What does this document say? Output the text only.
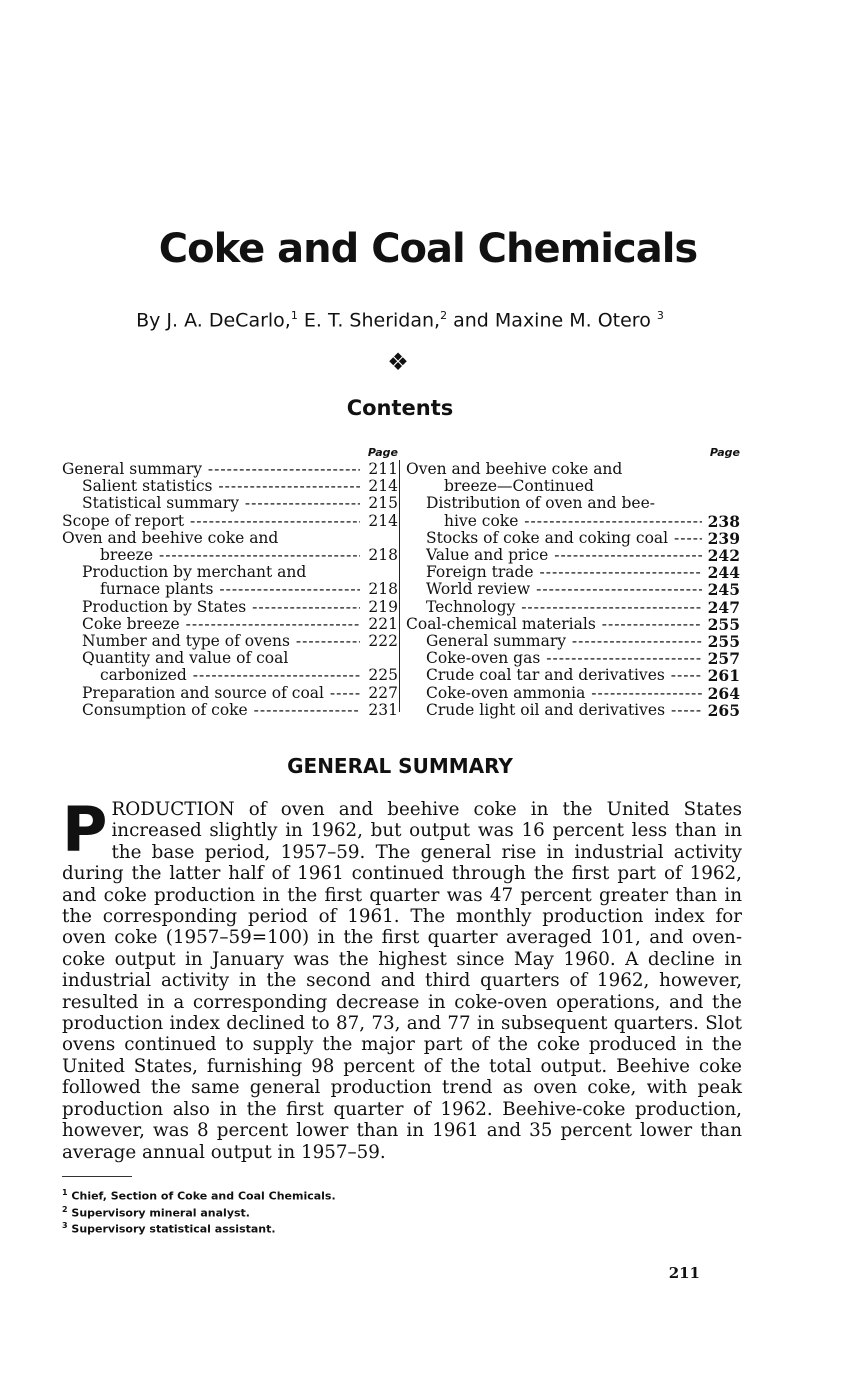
Coke and Coal Chemicals
By J. A. DeCarlo,$^1$ E. T. Sheridan,$^2$ and Maxine M. Otero $^3$
❖
Contents
Page
General summary -----	211
Salient statistics -----	214
Statistical summary -----	215
Scope of report -----	214
Oven and beehive coke and
breeze -----	218
Production by merchant and
furnace plants -----	218
Production by States -----	219
Coke breeze -----	221
Number and type of ovens -----	222
Quantity and value of coal
carbonized -----	225
Preparation and source of coal -----	227
Consumption of coke -----	231
Page
Oven and beehive coke and
breeze—Continued
Distribution of oven and bee-
hive coke -----	238
Stocks of coke and coking coal -----	239
Value and price -----	242
Foreign trade -----	244
World review -----	245
Technology -----	247
Coal-chemical materials -----	255
General summary -----	255
Coke-oven gas -----	257
Crude coal tar and derivatives -----	261
Coke-oven ammonia -----	264
Crude light oil and derivatives -----	265
GENERAL SUMMARY
PRODUCTION of oven and beehive coke in the United States increased slightly in 1962, but output was 16 percent less than in the base period, 1957–59. The general rise in industrial activity during the latter half of 1961 continued through the first part of 1962, and coke production in the first quarter was 47 percent greater than in the corresponding period of 1961. The monthly production index for oven coke (1957–59=100) in the first quarter averaged 101, and oven-coke output in January was the highest since May 1960. A decline in industrial activity in the second and third quarters of 1962, however, resulted in a corresponding decrease in coke-oven operations, and the production index declined to 87, 73, and 77 in subsequent quarters. Slot ovens continued to supply the major part of the coke produced in the United States, furnishing 98 percent of the total output. Beehive coke followed the same general production trend as oven coke, with peak production also in the first quarter of 1962. Beehive-coke production, however, was 8 percent lower than in 1961 and 35 percent lower than average annual output in 1957–59.
$^1$ Chief, Section of Coke and Coal Chemicals.
$^2$ Supervisory mineral analyst.
$^3$ Supervisory statistical assistant.
211
